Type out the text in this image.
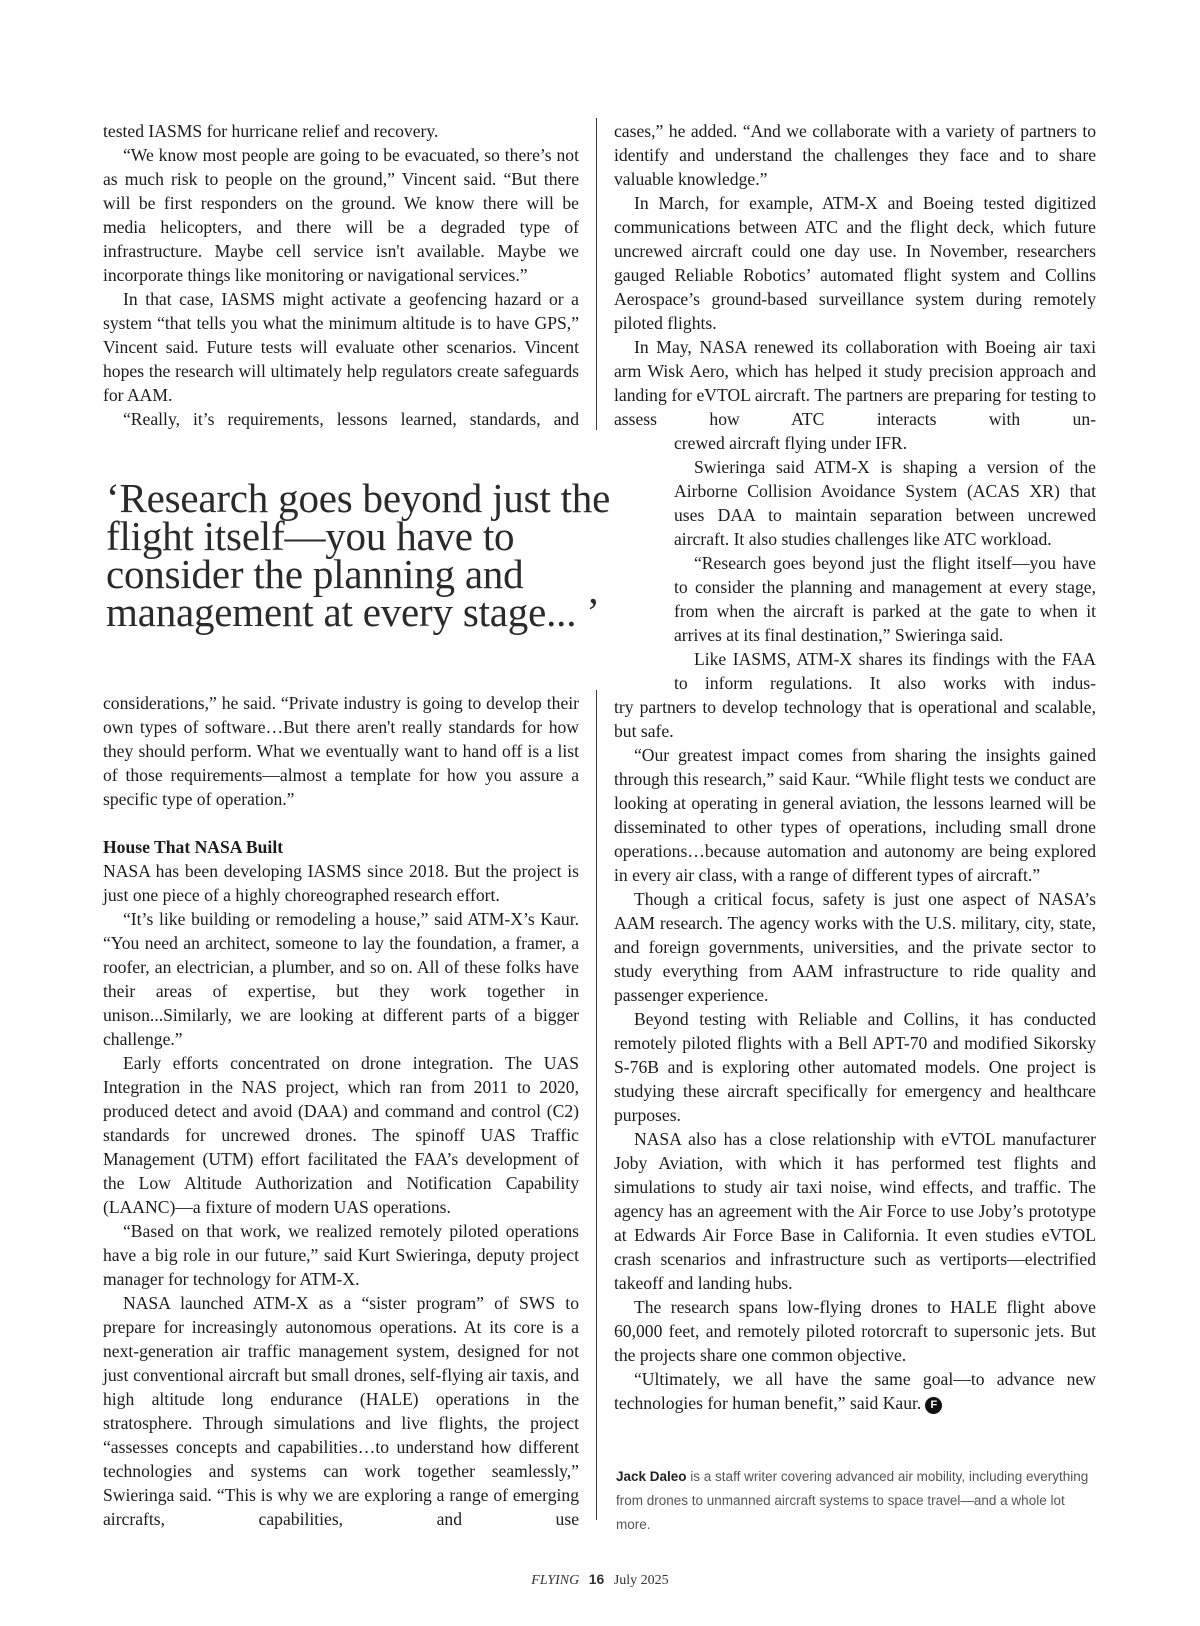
tested IASMS for hurricane relief and recovery.

“We know most people are going to be evacuated, so there’s not as much risk to people on the ground,” Vincent said. “But there will be first responders on the ground. We know there will be media helicopters, and there will be a degraded type of infrastructure. Maybe cell service isn't available. Maybe we incorporate things like monitoring or navigational services.”

In that case, IASMS might activate a geofencing hazard or a system “that tells you what the minimum altitude is to have GPS,” Vincent said. Future tests will evaluate other scenarios. Vincent hopes the research will ultimately help regulators create safeguards for AAM.

“Really, it’s requirements, lessons learned, standards, and

‘Research goes beyond just the flight itself—you have to consider the planning and management at every stage... ’

considerations,” he said. “Private industry is going to develop their own types of software…But there aren't really standards for how they should perform. What we eventually want to hand off is a list of those requirements—almost a template for how you assure a specific type of operation.”

House That NASA Built

NASA has been developing IASMS since 2018. But the project is just one piece of a highly choreographed research effort.

“It’s like building or remodeling a house,” said ATM-X’s Kaur. “You need an architect, someone to lay the foundation, a framer, a roofer, an electrician, a plumber, and so on. All of these folks have their areas of expertise, but they work together in unison...Similarly, we are looking at different parts of a bigger challenge.”

Early efforts concentrated on drone integration. The UAS Integration in the NAS project, which ran from 2011 to 2020, produced detect and avoid (DAA) and command and control (C2) standards for uncrewed drones. The spinoff UAS Traffic Management (UTM) effort facilitated the FAA’s development of the Low Altitude Authorization and Notification Capability (LAANC)—a fixture of modern UAS operations.

“Based on that work, we realized remotely piloted operations have a big role in our future,” said Kurt Swieringa, deputy project manager for technology for ATM-X.

NASA launched ATM-X as a “sister program” of SWS to prepare for increasingly autonomous operations. At its core is a next-generation air traffic management system, designed for not just conventional aircraft but small drones, self-flying air taxis, and high altitude long endurance (HALE) operations in the stratosphere. Through simulations and live flights, the project “assesses concepts and capabilities…to understand how different technologies and systems can work together seamlessly,” Swieringa said. “This is why we are exploring a range of emerging aircrafts, capabilities, and use

cases,” he added. “And we collaborate with a variety of partners to identify and understand the challenges they face and to share valuable knowledge.”

In March, for example, ATM-X and Boeing tested digitized communications between ATC and the flight deck, which future uncrewed aircraft could one day use. In November, researchers gauged Reliable Robotics’ automated flight system and Collins Aerospace’s ground-based surveillance system during remotely piloted flights.

In May, NASA renewed its collaboration with Boeing air taxi arm Wisk Aero, which has helped it study precision approach and landing for eVTOL aircraft. The partners are preparing for testing to assess how ATC interacts with un-

crewed aircraft flying under IFR.

Swieringa said ATM-X is shaping a version of the Airborne Collision Avoidance System (ACAS XR) that uses DAA to maintain separation between uncrewed aircraft. It also studies challenges like ATC workload.

“Research goes beyond just the flight itself—you have to consider the planning and management at every stage, from when the aircraft is parked at the gate to when it arrives at its final destination,” Swieringa said.

Like IASMS, ATM-X shares its findings with the FAA to inform regulations. It also works with indus-

try partners to develop technology that is operational and scalable, but safe.

“Our greatest impact comes from sharing the insights gained through this research,” said Kaur. “While flight tests we conduct are looking at operating in general aviation, the lessons learned will be disseminated to other types of operations, including small drone operations…because automation and autonomy are being explored in every air class, with a range of different types of aircraft.”

Though a critical focus, safety is just one aspect of NASA’s AAM research. The agency works with the U.S. military, city, state, and foreign governments, universities, and the private sector to study everything from AAM infrastructure to ride quality and passenger experience.

Beyond testing with Reliable and Collins, it has conducted remotely piloted flights with a Bell APT-70 and modified Sikorsky S-76B and is exploring other automated models. One project is studying these aircraft specifically for emergency and healthcare purposes.

NASA also has a close relationship with eVTOL manufacturer Joby Aviation, with which it has performed test flights and simulations to study air taxi noise, wind effects, and traffic. The agency has an agreement with the Air Force to use Joby’s prototype at Edwards Air Force Base in California. It even studies eVTOL crash scenarios and infrastructure such as vertiports—electrified takeoff and landing hubs.

The research spans low-flying drones to HALE flight above 60,000 feet, and remotely piloted rotorcraft to supersonic jets. But the projects share one common objective.

“Ultimately, we all have the same goal—to advance new technologies for human benefit,” said Kaur. F

Jack Daleo is a staff writer covering advanced air mobility, including everything from drones to unmanned aircraft systems to space travel—and a whole lot more.
FLYING 16 July 2025
